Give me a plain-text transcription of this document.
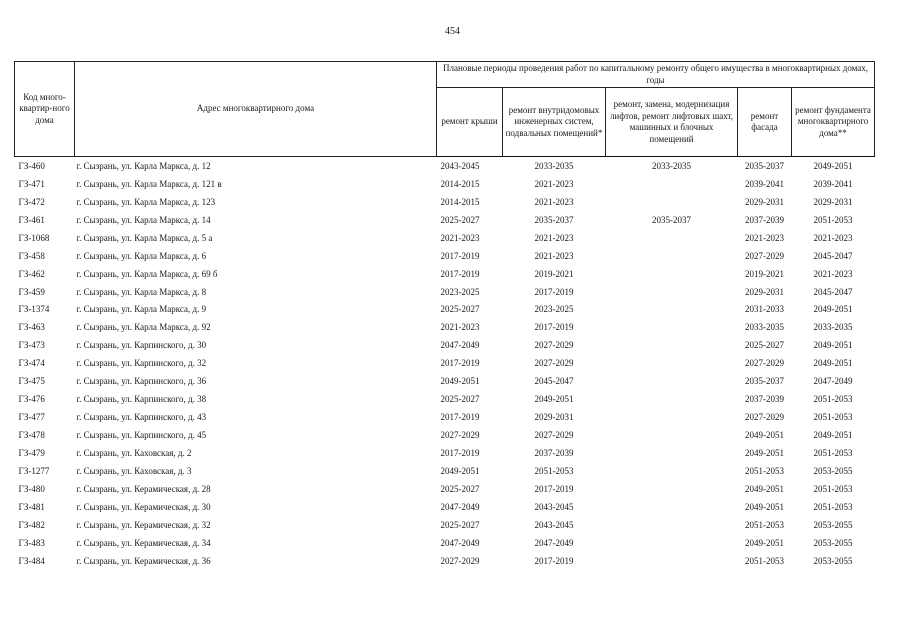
454
Код много-квартир-ного дома	Адрес многоквартирного дома	Плановые периоды проведения работ по капитальному ремонту общего имущества в многоквартирных домах, годы				
		ремонт крыши	ремонт внутридомовых инженерных систем, подвальных помещений*	ремонт, замена, модернизация лифтов, ремонт лифтовых шахт, машинных и блочных помещений	ремонт фасада	ремонт фундамента многоквартирного дома**
ГЗ-460	г. Сызрань, ул. Карла Маркса, д. 12	2043-2045	2033-2035	2033-2035	2035-2037	2049-2051
ГЗ-471	г. Сызрань, ул. Карла Маркса, д. 121 в	2014-2015	2021-2023		2039-2041	2039-2041
ГЗ-472	г. Сызрань, ул. Карла Маркса, д. 123	2014-2015	2021-2023		2029-2031	2029-2031
ГЗ-461	г. Сызрань, ул. Карла Маркса, д. 14	2025-2027	2035-2037	2035-2037	2037-2039	2051-2053
ГЗ-1068	г. Сызрань, ул. Карла Маркса, д. 5 а	2021-2023	2021-2023		2021-2023	2021-2023
ГЗ-458	г. Сызрань, ул. Карла Маркса, д. 6	2017-2019	2021-2023		2027-2029	2045-2047
ГЗ-462	г. Сызрань, ул. Карла Маркса, д. 69 б	2017-2019	2019-2021		2019-2021	2021-2023
ГЗ-459	г. Сызрань, ул. Карла Маркса, д. 8	2023-2025	2017-2019		2029-2031	2045-2047
ГЗ-1374	г. Сызрань, ул. Карла Маркса, д. 9	2025-2027	2023-2025		2031-2033	2049-2051
ГЗ-463	г. Сызрань, ул. Карла Маркса, д. 92	2021-2023	2017-2019		2033-2035	2033-2035
ГЗ-473	г. Сызрань, ул. Карпинского, д. 30	2047-2049	2027-2029		2025-2027	2049-2051
ГЗ-474	г. Сызрань, ул. Карпинского, д. 32	2017-2019	2027-2029		2027-2029	2049-2051
ГЗ-475	г. Сызрань, ул. Карпинского, д. 36	2049-2051	2045-2047		2035-2037	2047-2049
ГЗ-476	г. Сызрань, ул. Карпинского, д. 38	2025-2027	2049-2051		2037-2039	2051-2053
ГЗ-477	г. Сызрань, ул. Карпинского, д. 43	2017-2019	2029-2031		2027-2029	2051-2053
ГЗ-478	г. Сызрань, ул. Карпинского, д. 45	2027-2029	2027-2029		2049-2051	2049-2051
ГЗ-479	г. Сызрань, ул. Каховская, д. 2	2017-2019	2037-2039		2049-2051	2051-2053
ГЗ-1277	г. Сызрань, ул. Каховская, д. 3	2049-2051	2051-2053		2051-2053	2053-2055
ГЗ-480	г. Сызрань, ул. Керамическая, д. 28	2025-2027	2017-2019		2049-2051	2051-2053
ГЗ-481	г. Сызрань, ул. Керамическая, д. 30	2047-2049	2043-2045		2049-2051	2051-2053
ГЗ-482	г. Сызрань, ул. Керамическая, д. 32	2025-2027	2043-2045		2051-2053	2053-2055
ГЗ-483	г. Сызрань, ул. Керамическая, д. 34	2047-2049	2047-2049		2049-2051	2053-2055
ГЗ-484	г. Сызрань, ул. Керамическая, д. 36	2027-2029	2017-2019		2051-2053	2053-2055
